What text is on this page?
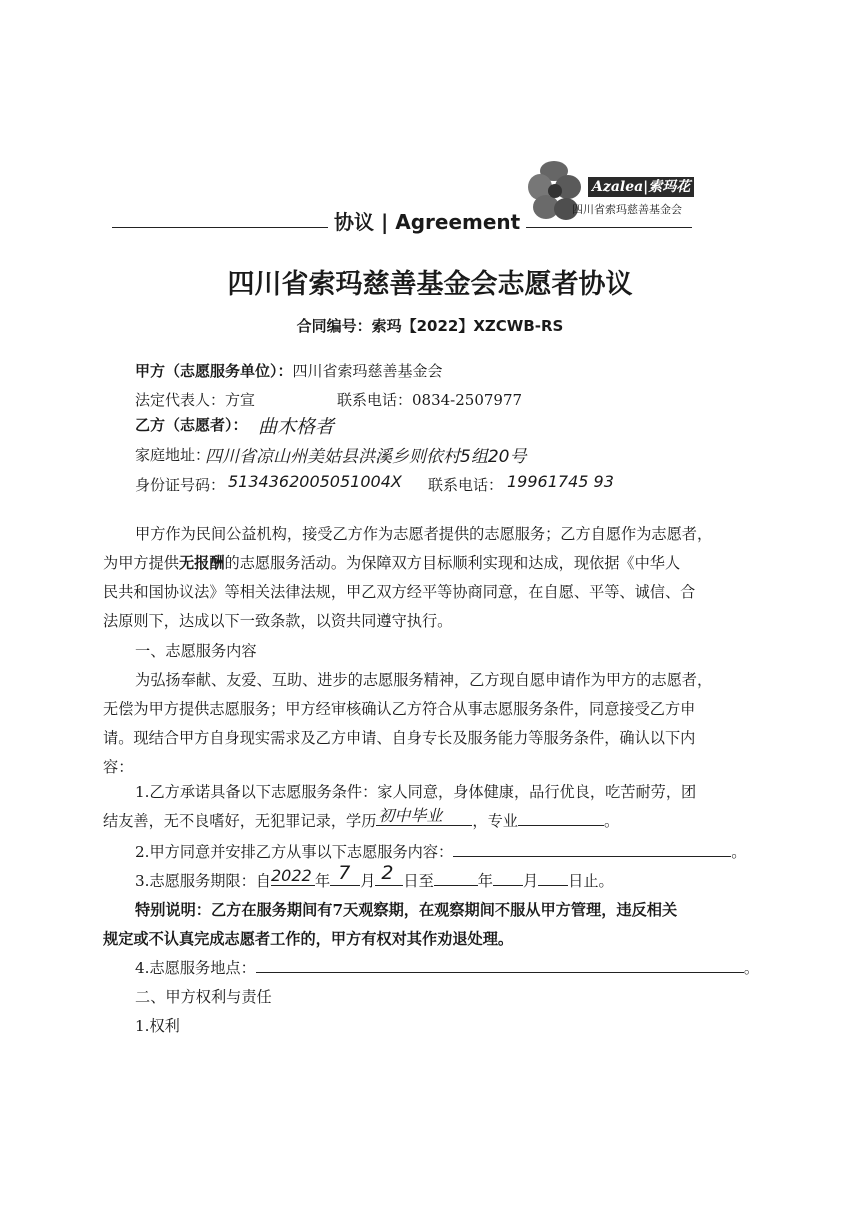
协议 | Agreement
Azalea|索玛花
四川省索玛慈善基金会
四川省索玛慈善基金会志愿者协议
合同编号：索玛【2022】XZCWB-RS
甲方（志愿服务单位）：四川省索玛慈善基金会
法定代表人：方宣	联系电话：0834-2507977
乙方（志愿者）： 曲木格者
家庭地址：
四川省凉山州美姑县洪溪乡则依村5组20号
身份证号码： 5134362005051004X 联系电话： 19961745 93
甲方作为民间公益机构，接受乙方作为志愿者提供的志愿服务；乙方自愿作为志愿者，
为甲方提供无报酬的志愿服务活动。为保障双方目标顺利实现和达成，现依据《中华人
民共和国协议法》等相关法律法规，甲乙双方经平等协商同意，在自愿、平等、诚信、合
法原则下，达成以下一致条款，以资共同遵守执行。
一、志愿服务内容
为弘扬奉献、友爱、互助、进步的志愿服务精神，乙方现自愿申请作为甲方的志愿者，
无偿为甲方提供志愿服务；甲方经审核确认乙方符合从事志愿服务条件，同意接受乙方申
请。现结合甲方自身现实需求及乙方申请、自身专长及服务能力等服务条件，确认以下内
容：
1.乙方承诺具备以下志愿服务条件：家人同意，身体健康，品行优良，吃苦耐劳，团
结友善，无不良嗜好，无犯罪记录，学历 初中毕业 ，专业	。
2.甲方同意并安排乙方从事以下志愿服务内容：	。
3.志愿服务期限：自 2022 年 7 月 2 日至	年 月 日止。
特别说明：乙方在服务期间有7天观察期，在观察期间不服从甲方管理，违反相关
规定或不认真完成志愿者工作的，甲方有权对其作劝退处理。
4.志愿服务地点：	。
二、甲方权利与责任
1.权利
